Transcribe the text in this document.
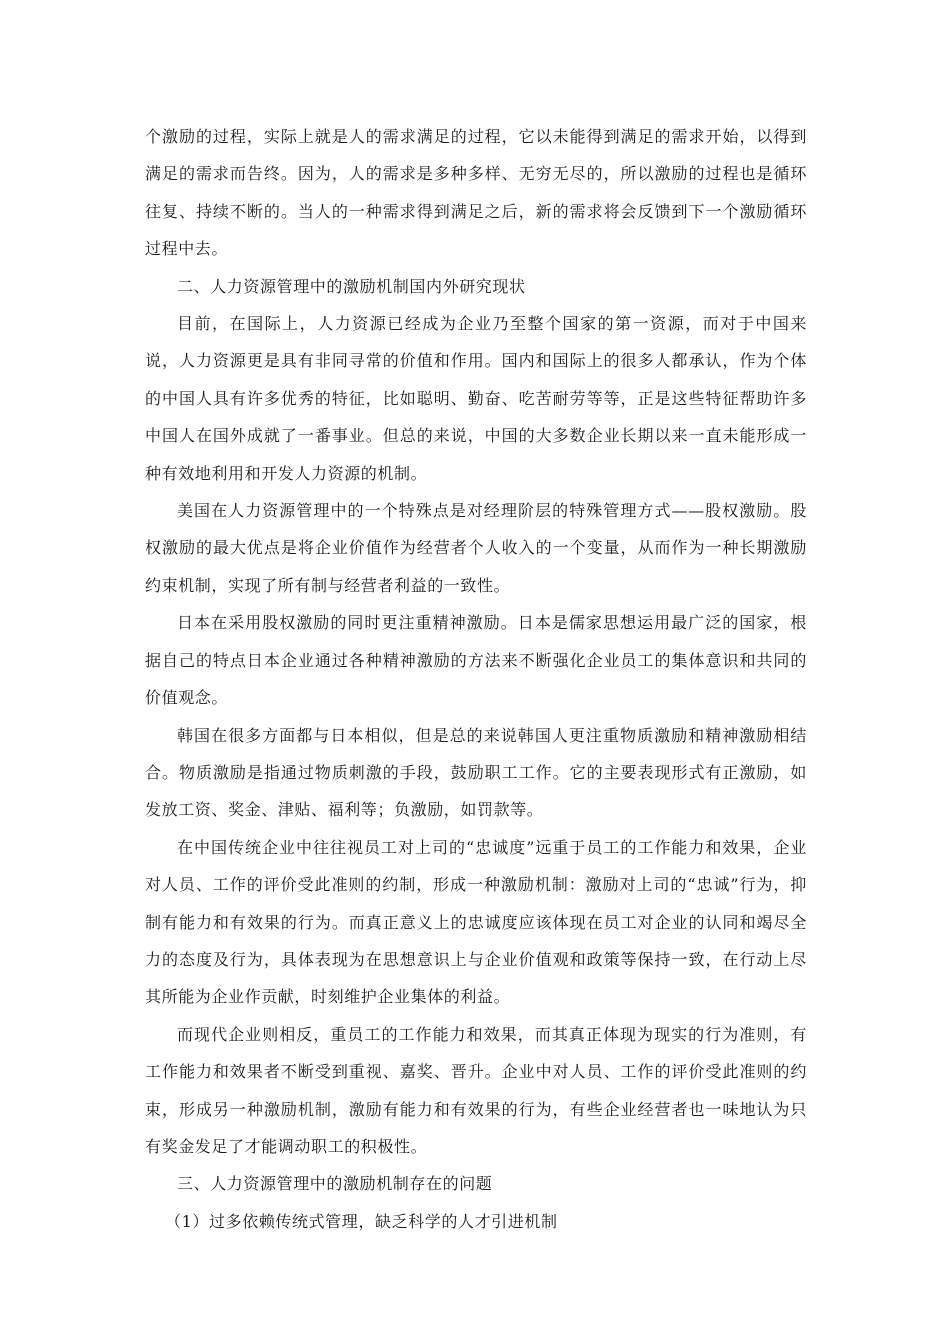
个激励的过程，实际上就是人的需求满足的过程，它以未能得到满足的需求开始，以得到满足的需求而告终。因为，人的需求是多种多样、无穷无尽的，所以激励的过程也是循环往复、持续不断的。当人的一种需求得到满足之后，新的需求将会反馈到下一个激励循环过程中去。

二、人力资源管理中的激励机制国内外研究现状

目前，在国际上，人力资源已经成为企业乃至整个国家的第一资源，而对于中国来说，人力资源更是具有非同寻常的价值和作用。国内和国际上的很多人都承认，作为个体的中国人具有许多优秀的特征，比如聪明、勤奋、吃苦耐劳等等，正是这些特征帮助许多中国人在国外成就了一番事业。但总的来说，中国的大多数企业长期以来一直未能形成一种有效地利用和开发人力资源的机制。

美国在人力资源管理中的一个特殊点是对经理阶层的特殊管理方式——股权激励。股权激励的最大优点是将企业价值作为经营者个人收入的一个变量，从而作为一种长期激励约束机制，实现了所有制与经营者利益的一致性。

日本在采用股权激励的同时更注重精神激励。日本是儒家思想运用最广泛的国家，根据自己的特点日本企业通过各种精神激励的方法来不断强化企业员工的集体意识和共同的价值观念。

韩国在很多方面都与日本相似，但是总的来说韩国人更注重物质激励和精神激励相结合。物质激励是指通过物质刺激的手段，鼓励职工工作。它的主要表现形式有正激励，如发放工资、奖金、津贴、福利等；负激励，如罚款等。

在中国传统企业中往往视员工对上司的“忠诚度”远重于员工的工作能力和效果，企业对人员、工作的评价受此准则的约制，形成一种激励机制：激励对上司的“忠诚”行为，抑制有能力和有效果的行为。而真正意义上的忠诚度应该体现在员工对企业的认同和竭尽全力的态度及行为，具体表现为在思想意识上与企业价值观和政策等保持一致，在行动上尽其所能为企业作贡献，时刻维护企业集体的利益。

而现代企业则相反，重员工的工作能力和效果，而其真正体现为现实的行为准则，有工作能力和效果者不断受到重视、嘉奖、晋升。企业中对人员、工作的评价受此准则的约束，形成另一种激励机制，激励有能力和有效果的行为，有些企业经营者也一味地认为只有奖金发足了才能调动职工的积极性。

三、人力资源管理中的激励机制存在的问题

（1）过多依赖传统式管理，缺乏科学的人才引进机制
